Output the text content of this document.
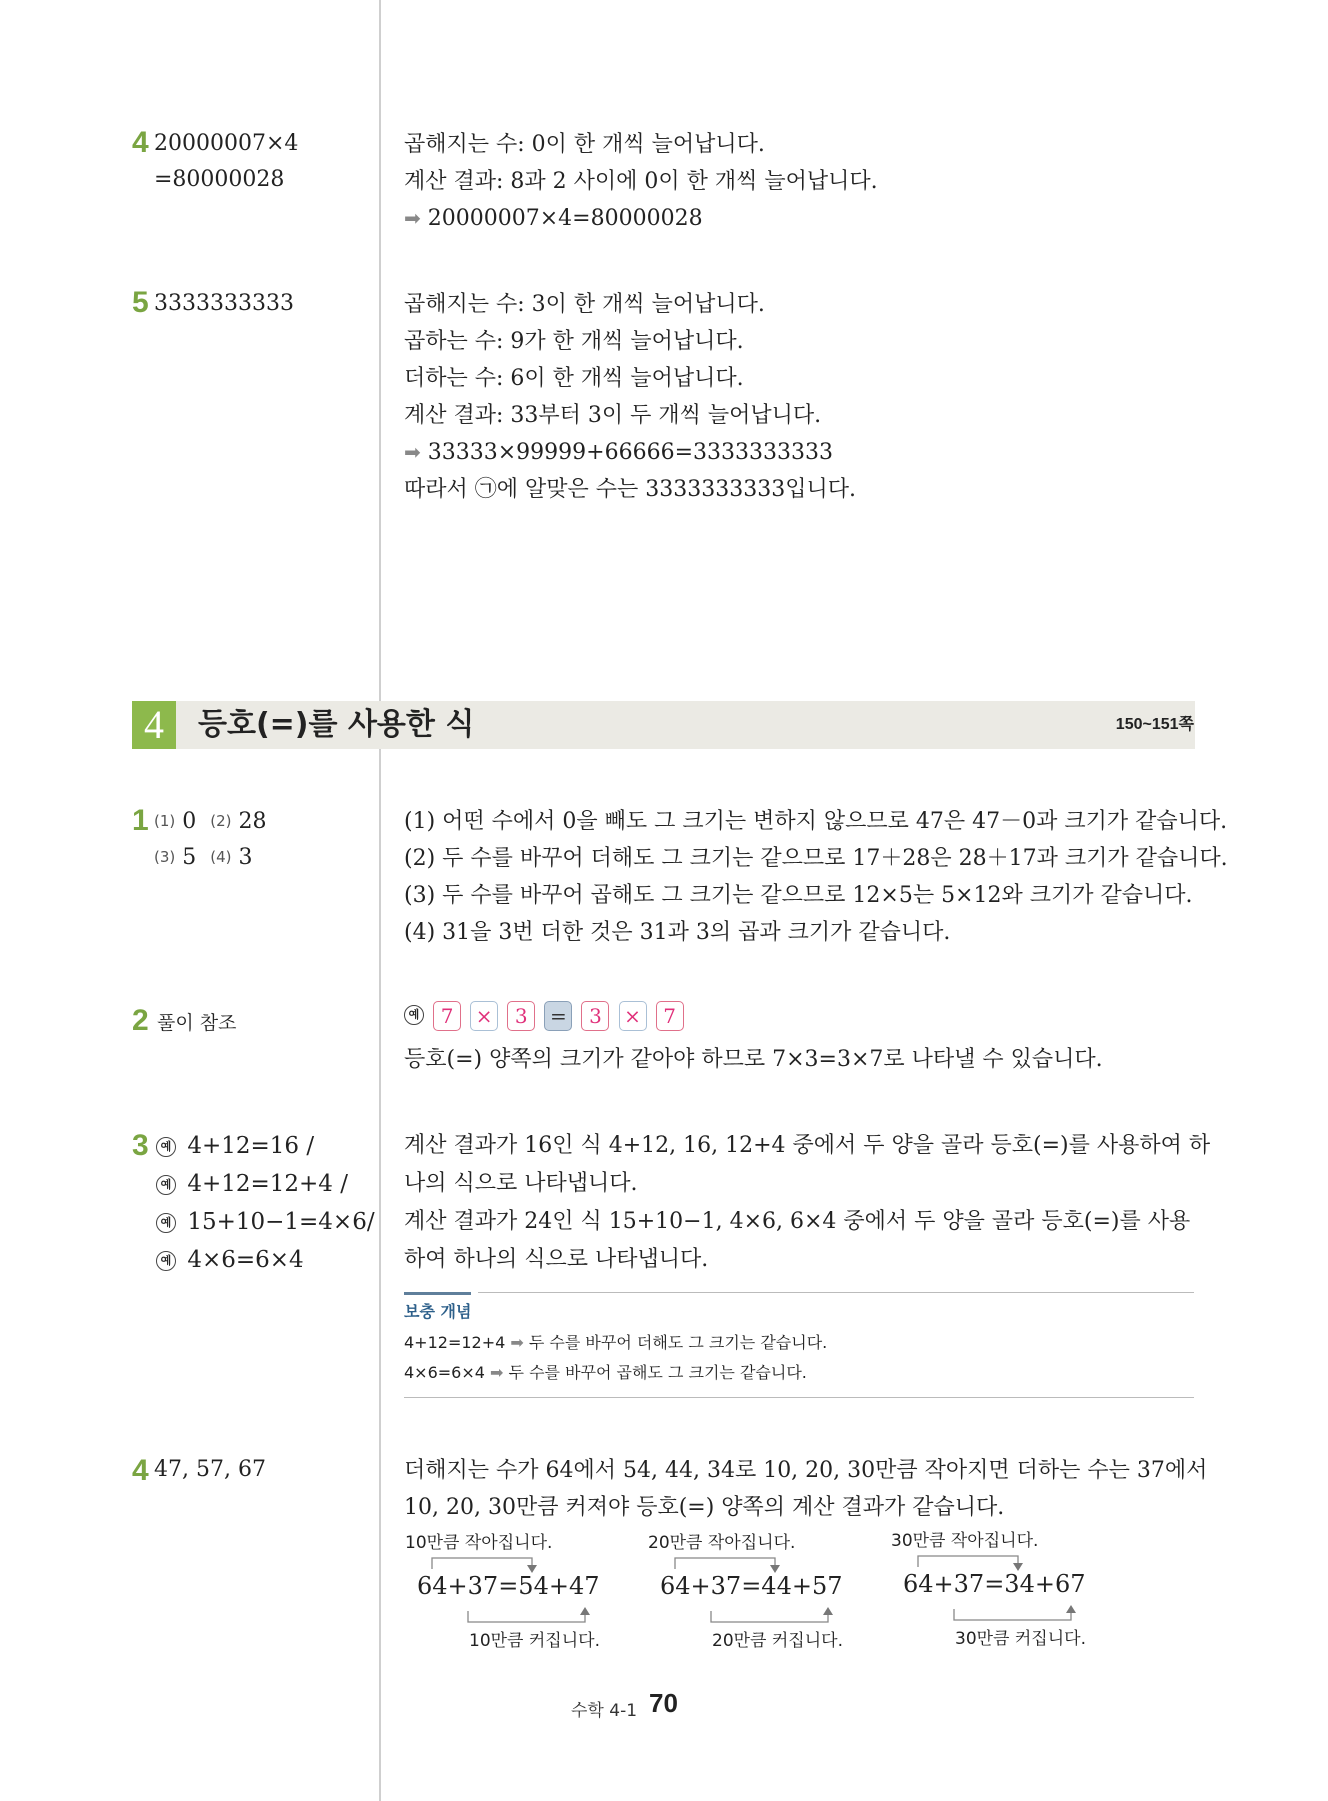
4 20000007×4
=80000028
곱해지는 수: 0이 한 개씩 늘어납니다.
계산 결과: 8과 2 사이에 0이 한 개씩 늘어납니다.
➡ 20000007×4=80000028
5 3333333333	곱해지는 수: 3이 한 개씩 늘어납니다.
곱하는 수: 9가 한 개씩 늘어납니다.
더하는 수: 6이 한 개씩 늘어납니다.
계산 결과: 33부터 3이 두 개씩 늘어납니다.
➡ 33333×99999+66666=3333333333
따라서 ㉠에 알맞은 수는 3333333333입니다.
4	등호(=)를 사용한 식	150~151쪽
1 (1) 0 (2) 28
(3) 5 (4) 3
(1) 어떤 수에서 0을 빼도 그 크기는 변하지 않으므로 47은 47－0과 크기가 같습니다.
(2) 두 수를 바꾸어 더해도 그 크기는 같으므로 17＋28은 28＋17과 크기가 같습니다.
(3) 두 수를 바꾸어 곱해도 그 크기는 같으므로 12×5는 5×12와 크기가 같습니다.
(4) 31을 3번 더한 것은 31과 3의 곱과 크기가 같습니다.
2 풀이 참조	예 7 × 3 = 3 × 7
등호(=) 양쪽의 크기가 같아야 하므로 7×3=3×7로 나타낼 수 있습니다.
3	예 4+12=16 /
예 4+12=12+4 /
예 15+10−1=4×6/
예 4×6=6×4
계산 결과가 16인 식 4+12, 16, 12+4 중에서 두 양을 골라 등호(=)를 사용하여 하
나의 식으로 나타냅니다.
계산 결과가 24인 식 15+10−1, 4×6, 6×4 중에서 두 양을 골라 등호(=)를 사용
하여 하나의 식으로 나타냅니다.
보충 개념
4+12=12+4 ➡ 두 수를 바꾸어 더해도 그 크기는 같습니다.
4×6=6×4 ➡ 두 수를 바꾸어 곱해도 그 크기는 같습니다.
4 47, 57, 67	더해지는 수가 64에서 54, 44, 34로 10, 20, 30만큼 작아지면 더하는 수는 37에서
10, 20, 30만큼 커져야 등호(=) 양쪽의 계산 결과가 같습니다.
10만큼 작아집니다.
64+37=54+47
10만큼 커집니다.
20만큼 작아집니다.
64+37=44+57
20만큼 커집니다.
30만큼 작아집니다.
64+37=34+67
30만큼 커집니다.
수학 4-1 70
